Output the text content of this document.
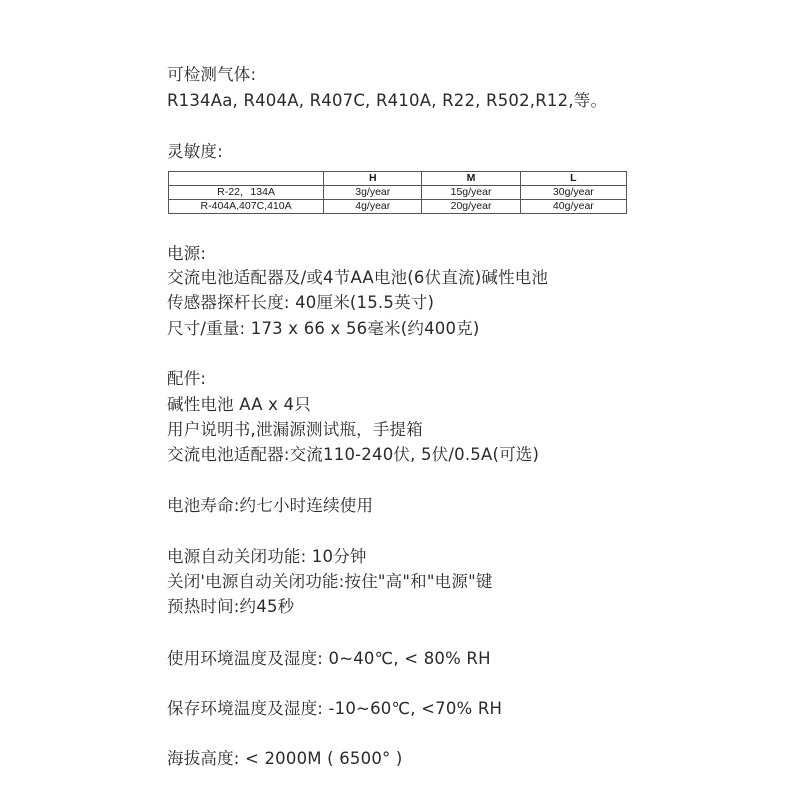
可检测气体:
R134Aa, R404A, R407C, R410A, R22, R502,R12,等。
灵敏度:
	H	M	L
R-22，134A	3g/year	15g/year	30g/year
R-404A,407C,410A	4g/year	20g/year	40g/year
电源:
交流电池适配器及/或4节AA电池(6伏直流)碱性电池
传感器探杆长度: 40厘米(15.5英寸)
尺寸/重量: 173 x 66 x 56毫米(约400克)
配件:
碱性电池 AA x 4只
用户说明书,泄漏源测试瓶，手提箱
交流电池适配器:交流110-240伏, 5伏/0.5A(可选)
电池寿命:约七小时连续使用
电源自动关闭功能: 10分钟
关闭'电源自动关闭功能:按住"高"和"电源"键
预热时间:约45秒
使用环境温度及湿度: 0~40℃, < 80% RH
保存环境温度及湿度: -10~60℃, <70% RH
海拔高度: < 2000M ( 6500° )
